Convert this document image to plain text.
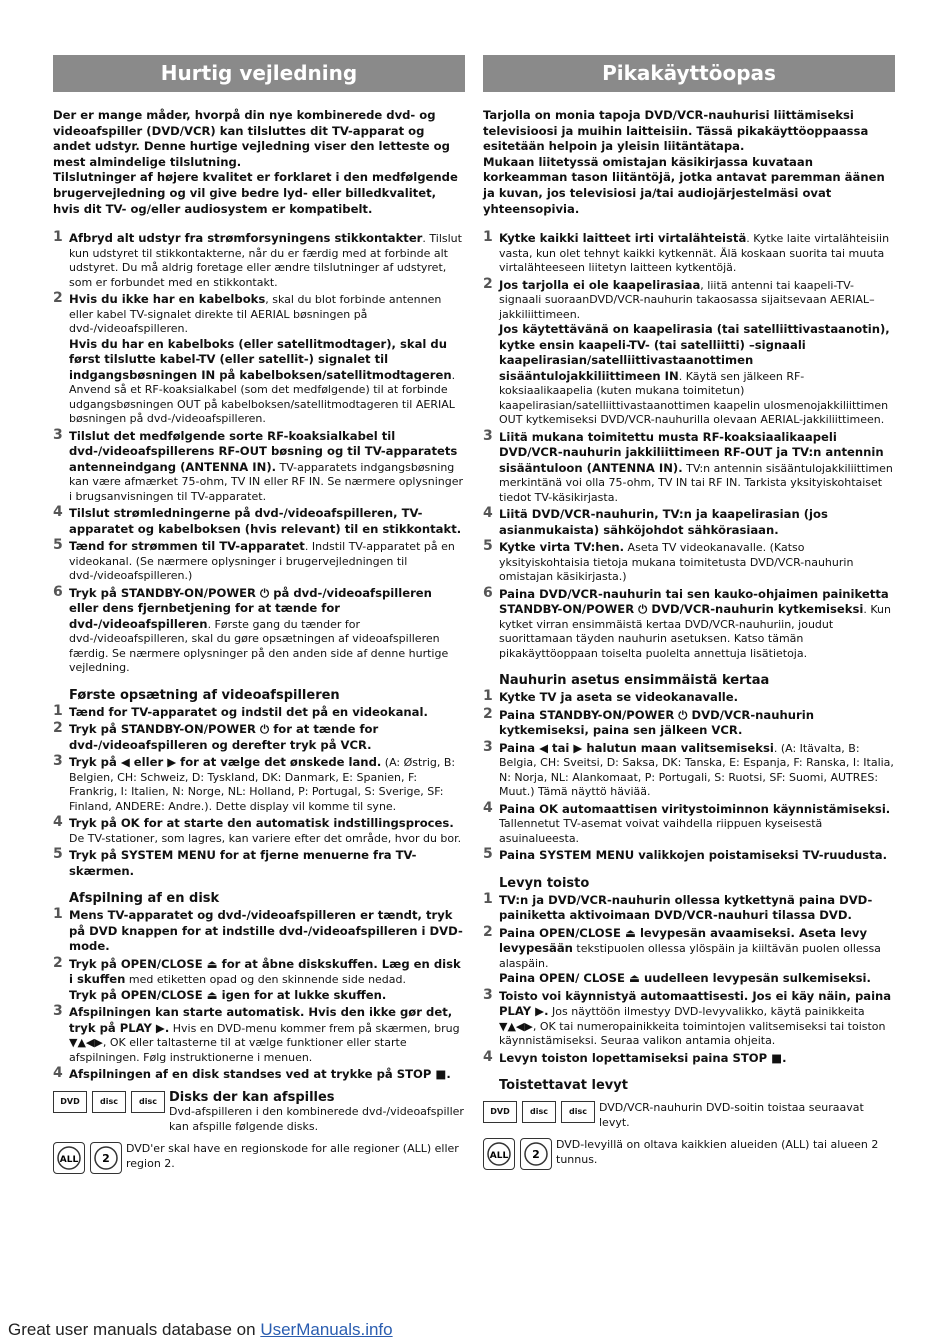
Hurtig vejledning

Der er mange måder, hvorpå din nye kombinerede dvd- og videoafspiller (DVD/VCR) kan tilsluttes dit TV-apparat og andet udstyr. Denne hurtige vejledning viser den letteste og mest almindelige tilslutning.

Tilslutninger af højere kvalitet er forklaret i den medfølgende brugervejledning og vil give bedre lyd- eller billedkvalitet, hvis dit TV- og/eller audiosystem er kompatibelt.

1 Afbryd alt udstyr fra strømforsyningens stikkontakter. Tilslut kun udstyret til stikkontakterne, når du er færdig med at forbinde alt udstyret. Du må aldrig foretage eller ændre tilslutninger af udstyret, som er forbundet med en stikkontakt.
2 Hvis du ikke har en kabelboks, skal du blot forbinde antennen eller kabel TV-signalet direkte til AERIAL bøsningen på dvd-/videoafspilleren.
Hvis du har en kabelboks (eller satellitmodtager), skal du først tilslutte kabel-TV (eller satellit-) signalet til indgangsbøsningen IN på kabelboksen/satellitmodtageren. Anvend så et RF-koaksialkabel (som det medfølgende) til at forbinde udgangsbøsningen OUT på kabelboksen/satellitmodtageren til AERIAL bøsningen på dvd-/videoafspilleren.
3 Tilslut det medfølgende sorte RF-koaksialkabel til dvd-/videoafspillerens RF-OUT bøsning og til TV-apparatets antenneindgang (ANTENNA IN). TV-apparatets indgangsbøsning kan være afmærket 75-ohm, TV IN eller RF IN. Se nærmere oplysninger i brugsanvisningen til TV-apparatet.
4 Tilslut strømledningerne på dvd-/videoafspilleren, TV-apparatet og kabelboksen (hvis relevant) til en stikkontakt.
5 Tænd for strømmen til TV-apparatet. Indstil TV-apparatet på en videokanal. (Se nærmere oplysninger i brugervejledningen til dvd-/videoafspilleren.)
6 Tryk på STANDBY-ON/POWER ⏻ på dvd-/videoafspilleren eller dens fjernbetjening for at tænde for dvd-/videoafspilleren. Første gang du tænder for dvd-/videoafspilleren, skal du gøre opsætningen af videoafspilleren færdig. Se nærmere oplysninger på den anden side af denne hurtige vejledning.
Første opsætning af videoafspilleren
1 Tænd for TV-apparatet og indstil det på en videokanal.
2 Tryk på STANDBY-ON/POWER ⏻ for at tænde for dvd-/videoafspilleren og derefter tryk på VCR.
3 Tryk på ◀ eller ▶ for at vælge det ønskede land. (A: Østrig, B: Belgien, CH: Schweiz, D: Tyskland, DK: Danmark, E: Spanien, F: Frankrig, I: Italien, N: Norge, NL: Holland, P: Portugal, S: Sverige, SF: Finland, ANDERE: Andre.). Dette display vil komme til syne.
4 Tryk på OK for at starte den automatisk indstillingsproces. De TV-stationer, som lagres, kan variere efter det område, hvor du bor.
5 Tryk på SYSTEM MENU for at fjerne menuerne fra TV-skærmen.
Afspilning af en disk
1 Mens TV-apparatet og dvd-/videoafspilleren er tændt, tryk på DVD knappen for at indstille dvd-/videoafspilleren i DVD-mode.
2 Tryk på OPEN/CLOSE ⏏ for at åbne diskskuffen. Læg en disk i skuffen med etiketten opad og den skinnende side nedad.
Tryk på OPEN/CLOSE ⏏ igen for at lukke skuffen.
3 Afspilningen kan starte automatisk. Hvis den ikke gør det, tryk på PLAY ▶. Hvis en DVD-menu kommer frem på skærmen, brug ▼▲◀▶, OK eller taltasterne til at vælge funktioner eller starte afspilningen. Følg instruktionerne i menuen.
4 Afspilningen af en disk standses ved at trykke på STOP ■.
DVD	disc	disc Disks der kan afspilles
Dvd-afspilleren i den kombinerede dvd-/videoafspiller kan afspille følgende disks.
ALL 2
DVD'er skal have en regionskode for alle regioner (ALL) eller region 2.
Pikakäyttöopas

Tarjolla on monia tapoja DVD/VCR-nauhurisi liittämiseksi televisioosi ja muihin laitteisiin. Tässä pikakäyttöoppaassa esitetään helpoin ja yleisin liitäntätapa.

Mukaan liitetyssä omistajan käsikirjassa kuvataan korkeamman tason liitäntöjä, jotka antavat paremman äänen ja kuvan, jos televisiosi ja/tai audiojärjestelmäsi ovat yhteensopivia.

1 Kytke kaikki laitteet irti virtalähteistä. Kytke laite virtalähteisiin vasta, kun olet tehnyt kaikki kytkennät. Älä koskaan suorita tai muuta virtalähteeseen liitetyn laitteen kytkentöjä.
2 Jos tarjolla ei ole kaapelirasiaa, liitä antenni tai kaapeli-TV-signaali suoraanDVD/VCR-nauhurin takaosassa sijaitsevaan AERIAL–jakkiliittimeen.
Jos käytettävänä on kaapelirasia (tai satelliittivastaanotin), kytke ensin kaapeli-TV- (tai satelliitti) –signaali kaapelirasian/satelliittivastaanottimen sisääntulojakkiliittimeen IN. Käytä sen jälkeen RF-koksiaalikaapelia (kuten mukana toimitetun) kaapelirasian/satelliittivastaanottimen kaapelin ulosmenojakkiliittimen OUT kytkemiseksi DVD/VCR-nauhurilla olevaan AERIAL-jakkiliittimeen.
3 Liitä mukana toimitettu musta RF-koaksiaalikaapeli DVD/VCR-nauhurin jakkiliittimeen RF-OUT ja TV:n antennin sisääntuloon (ANTENNA IN). TV:n antennin sisääntulojakkiliittimen merkintänä voi olla 75-ohm, TV IN tai RF IN. Tarkista yksityiskohtaiset tiedot TV-käsikirjasta.
4 Liitä DVD/VCR-nauhurin, TV:n ja kaapelirasian (jos asianmukaista) sähköjohdot sähkörasiaan.
5 Kytke virta TV:hen. Aseta TV videokanavalle. (Katso yksityiskohtaisia tietoja mukana toimitetusta DVD/VCR-nauhurin omistajan käsikirjasta.)
6 Paina DVD/VCR-nauhurin tai sen kauko-ohjaimen painiketta STANDBY-ON/POWER ⏻ DVD/VCR-nauhurin kytkemiseksi. Kun kytket virran ensimmäistä kertaa DVD/VCR-nauhuriin, joudut suorittamaan täyden nauhurin asetuksen. Katso tämän pikakäyttöoppaan toiselta puolelta annettuja lisätietoja.
Nauhurin asetus ensimmäistä kertaa
1 Kytke TV ja aseta se videokanavalle.
2 Paina STANDBY-ON/POWER ⏻ DVD/VCR-nauhurin kytkemiseksi, paina sen jälkeen VCR.
3 Paina ◀ tai ▶ halutun maan valitsemiseksi. (A: Itävalta, B: Belgia, CH: Sveitsi, D: Saksa, DK: Tanska, E: Espanja, F: Ranska, I: Italia, N: Norja, NL: Alankomaat, P: Portugali, S: Ruotsi, SF: Suomi, AUTRES: Muut.) Tämä näyttö häviää.
4 Paina OK automaattisen viritystoiminnon käynnistämiseksi. Tallennetut TV-asemat voivat vaihdella riippuen kyseisestä asuinalueesta.
5 Paina SYSTEM MENU valikkojen poistamiseksi TV-ruudusta.
Levyn toisto
1 TV:n ja DVD/VCR-nauhurin ollessa kytkettynä paina DVD-painiketta aktivoimaan DVD/VCR-nauhuri tilassa DVD.
2 Paina OPEN/CLOSE ⏏ levypesän avaamiseksi. Aseta levy levypesään tekstipuolen ollessa ylöspäin ja kiiltävän puolen ollessa alaspäin.
Paina OPEN/ CLOSE ⏏ uudelleen levypesän sulkemiseksi.
3 Toisto voi käynnistyä automaattisesti. Jos ei käy näin, paina PLAY ▶. Jos näyttöön ilmestyy DVD-levyvalikko, käytä painikkeita ▼▲◀▶, OK tai numeropainikkeita toimintojen valitsemiseksi tai toiston käynnistämiseksi. Seuraa valikon antamia ohjeita.
4 Levyn toiston lopettamiseksi paina STOP ■.
Toistettavat levyt
DVD	disc	disc	DVD/VCR-nauhurin DVD-soitin toistaa seuraavat levyt.
ALL 2
DVD-levyillä on oltava kaikkien alueiden (ALL) tai alueen 2 tunnus.
Great user manuals database on UserManuals.info
